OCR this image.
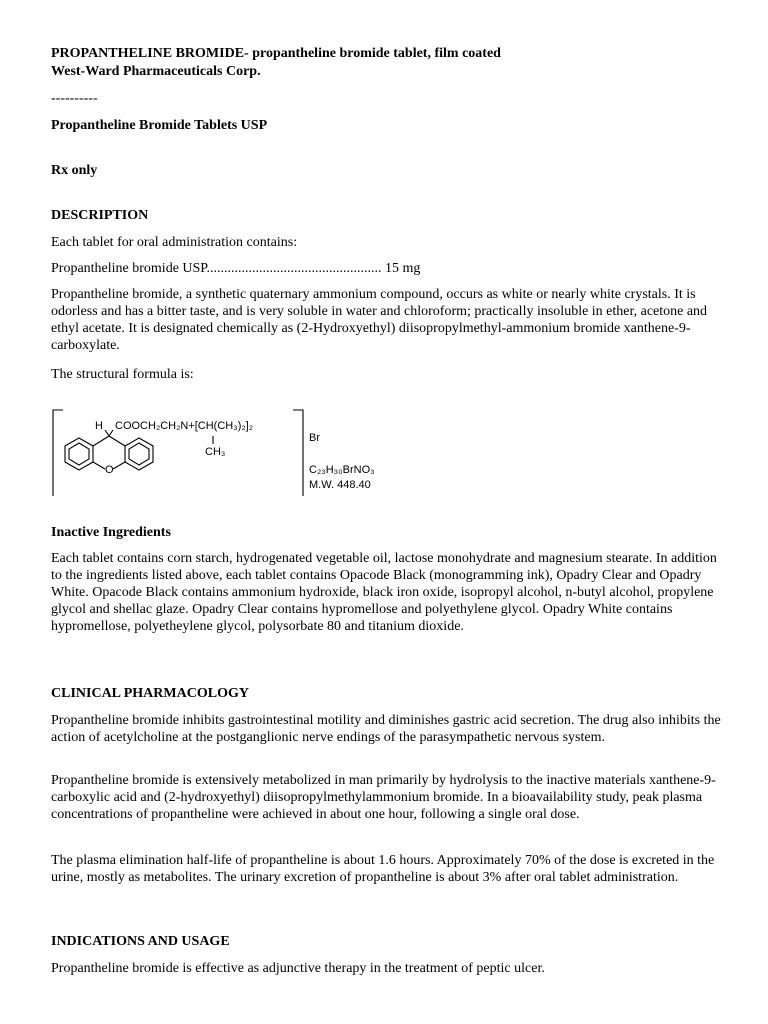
PROPANTHELINE BROMIDE- propantheline bromide tablet, film coated

West-Ward Pharmaceuticals Corp.

----------

Propantheline Bromide Tablets USP

Rx only

DESCRIPTION

Each tablet for oral administration contains:

Propantheline bromide USP.................................................. 15 mg

Propantheline bromide, a synthetic quaternary ammonium compound, occurs as white or nearly white crystals. It is odorless and has a bitter taste, and is very soluble in water and chloroform; practically insoluble in ether, acetone and ethyl acetate. It is designated chemically as (2-Hydroxyethyl) diisopropylmethyl-ammonium bromide xanthene-9-carboxylate.

The structural formula is:

H COOCH₂CH₂N+[CH(CH₃)₂]₂
CH₃
O
Br
C₂₃H₃₀BrNO₃
M.W. 448.40

Inactive Ingredients

Each tablet contains corn starch, hydrogenated vegetable oil, lactose monohydrate and magnesium stearate. In addition to the ingredients listed above, each tablet contains Opacode Black (monogramming ink), Opadry Clear and Opadry White. Opacode Black contains ammonium hydroxide, black iron oxide, isopropyl alcohol, n-butyl alcohol, propylene glycol and shellac glaze. Opadry Clear contains hypromellose and polyethylene glycol. Opadry White contains hypromellose, polyetheylene glycol, polysorbate 80 and titanium dioxide.

CLINICAL PHARMACOLOGY

Propantheline bromide inhibits gastrointestinal motility and diminishes gastric acid secretion. The drug also inhibits the action of acetylcholine at the postganglionic nerve endings of the parasympathetic nervous system.

Propantheline bromide is extensively metabolized in man primarily by hydrolysis to the inactive materials xanthene-9-carboxylic acid and (2-hydroxyethyl) diisopropylmethylammonium bromide. In a bioavailability study, peak plasma concentrations of propantheline were achieved in about one hour, following a single oral dose.

The plasma elimination half-life of propantheline is about 1.6 hours. Approximately 70% of the dose is excreted in the urine, mostly as metabolites. The urinary excretion of propantheline is about 3% after oral tablet administration.

INDICATIONS AND USAGE

Propantheline bromide is effective as adjunctive therapy in the treatment of peptic ulcer.
